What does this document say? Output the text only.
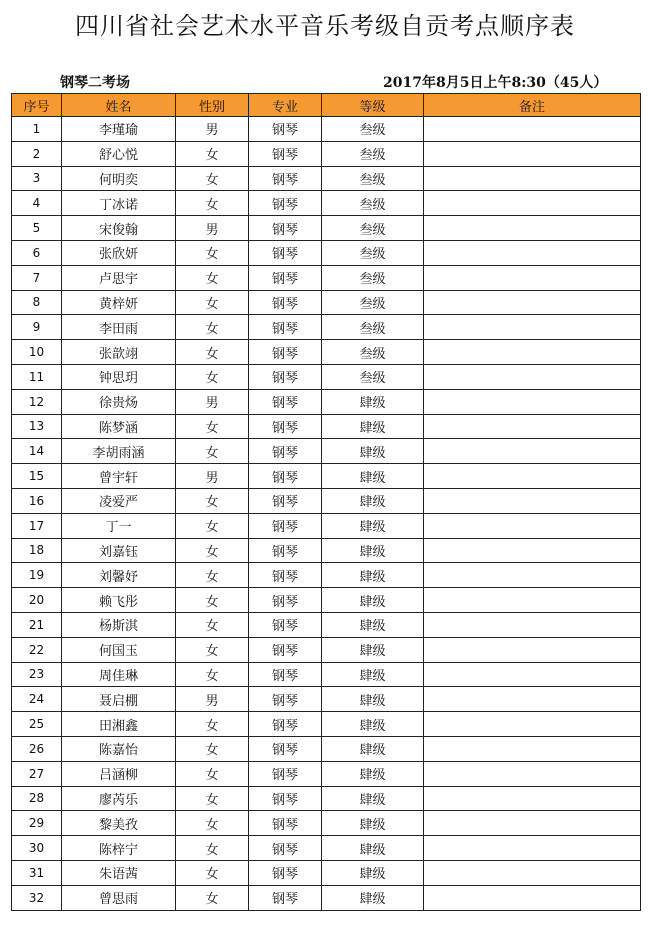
四川省社会艺术水平音乐考级自贡考点顺序表
钢琴二考场	2017年8月5日上午8:30（45人）
序号	姓名	性别	专业	等级	备注
1	李瑾瑜	男	钢琴	叁级	
2	舒心悦	女	钢琴	叁级	
3	何明奕	女	钢琴	叁级	
4	丁冰诺	女	钢琴	叁级	
5	宋俊翰	男	钢琴	叁级	
6	张欣妍	女	钢琴	叁级	
7	卢思宇	女	钢琴	叁级	
8	黄梓妍	女	钢琴	叁级	
9	李田雨	女	钢琴	叁级	
10	张歆翊	女	钢琴	叁级	
11	钟思玥	女	钢琴	叁级	
12	徐贵炀	男	钢琴	肆级	
13	陈梦涵	女	钢琴	肆级	
14	李胡雨涵	女	钢琴	肆级	
15	曾宇轩	男	钢琴	肆级	
16	凌爱严	女	钢琴	肆级	
17	丁一	女	钢琴	肆级	
18	刘嘉钰	女	钢琴	肆级	
19	刘馨妤	女	钢琴	肆级	
20	赖飞彤	女	钢琴	肆级	
21	杨斯淇	女	钢琴	肆级	
22	何国玉	女	钢琴	肆级	
23	周佳琳	女	钢琴	肆级	
24	聂启棚	男	钢琴	肆级	
25	田湘鑫	女	钢琴	肆级	
26	陈嘉怡	女	钢琴	肆级	
27	吕涵柳	女	钢琴	肆级	
28	廖芮乐	女	钢琴	肆级	
29	黎美孜	女	钢琴	肆级	
30	陈梓宁	女	钢琴	肆级	
31	朱语茜	女	钢琴	肆级	
32	曾思雨	女	钢琴	肆级	
